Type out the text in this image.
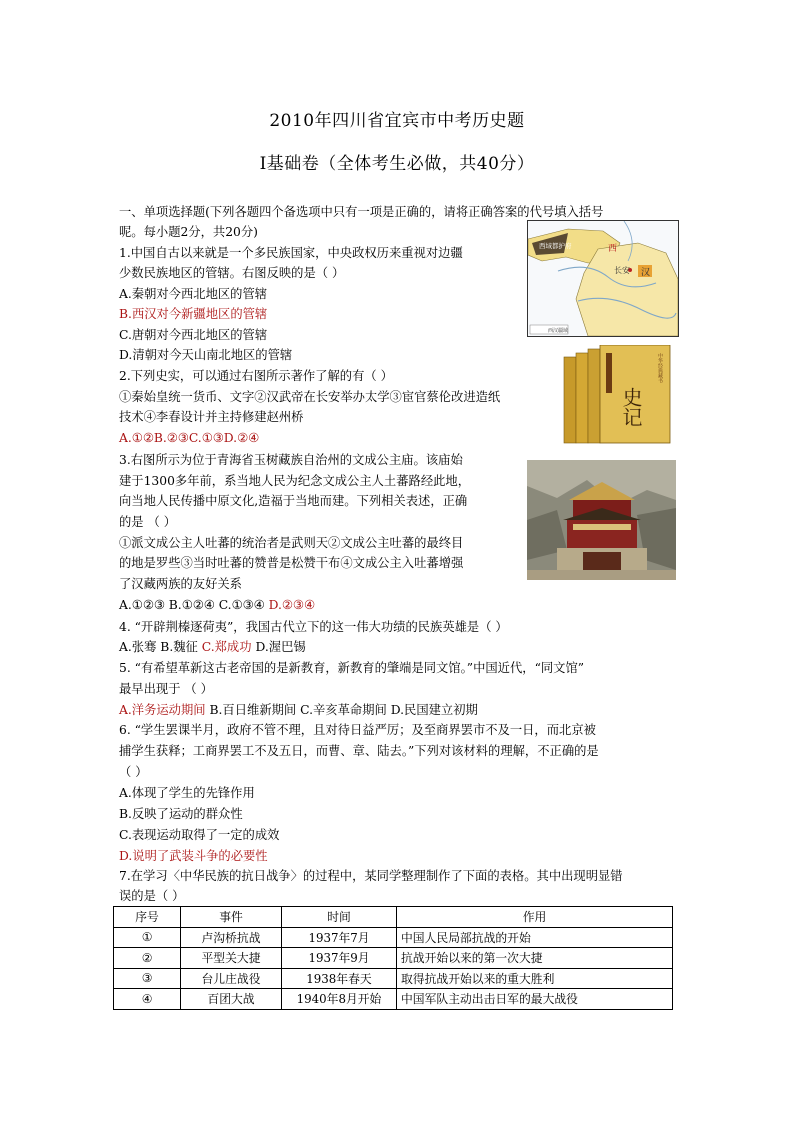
2010年四川省宜宾市中考历史题
Ⅰ基础卷（全体考生必做，共40分）
一、单项选择题(下列各题四个备选项中只有一项是正确的，请将正确答案的代号填入括号
呢。每小题2分，共20分)
1.中国自古以来就是一个多民族国家，中央政权历来重视对边疆
少数民族地区的管辖。右图反映的是（ ）
A.秦朝对今西北地区的管辖
B.西汉对今新疆地区的管辖
C.唐朝对今西北地区的管辖
D.清朝对今天山南北地区的管辖
西域都护府	西
长安 汉
西汉疆域
2.下列史实，可以通过右图所示著作了解的有（ ）
①秦始皇统一货币、文字②汉武帝在长安举办太学③宦官蔡伦改进造纸
技术④李春设计并主持修建赵州桥
A.①②B.②③C.①③D.②④
史记
中华经典藏书
3.右图所示为位于青海省玉树藏族自治州的文成公主庙。该庙始
建于1300多年前，系当地人民为纪念文成公主人土蕃路经此地，
向当地人民传播中原文化,造福于当地而建。下列相关表述，正确
的是 （ ）
①派文成公主人吐蕃的统治者是武则天②文成公主吐蕃的最终目
的地是罗些③当时吐蕃的赞普是松赞干布④文成公主入吐蕃增强
了汉藏两族的友好关系
A.①②③ B.①②④ C.①③④ D.②③④
4. “开辟荆榛逐荷夷”，我国古代立下的这一伟大功绩的民族英雄是（ ）
A.张骞 B.魏征 C.郑成功 D.渥巴锡
5. “有希望革新这古老帝国的是新教育，新教育的肇端是同文馆。”中国近代，“同文馆”
最早出现于 （ ）
A.洋务运动期间 B.百日维新期间 C.辛亥革命期间 D.民国建立初期
6. “学生罢课半月，政府不管不理，且对待日益严厉；及至商界罢市不及一日，而北京被
捕学生获释；工商界罢工不及五日，而曹、章、陆去。”下列对该材料的理解，不正确的是
（ ）
A.体现了学生的先锋作用
B.反映了运动的群众性
C.表现运动取得了一定的成效
D.说明了武装斗争的必要性
7.在学习〈中华民族的抗日战争〉的过程中，某同学整理制作了下面的表格。其中出现明显错
误的是（ ）
序号	事件	时间	作用
①	卢沟桥抗战	1937年7月	中国人民局部抗战的开始
②	平型关大捷	1937年9月	抗战开始以来的第一次大捷
③	台儿庄战役	1938年春天	取得抗战开始以来的重大胜利
④	百团大战	1940年8月开始	中国军队主动出击日军的最大战役
